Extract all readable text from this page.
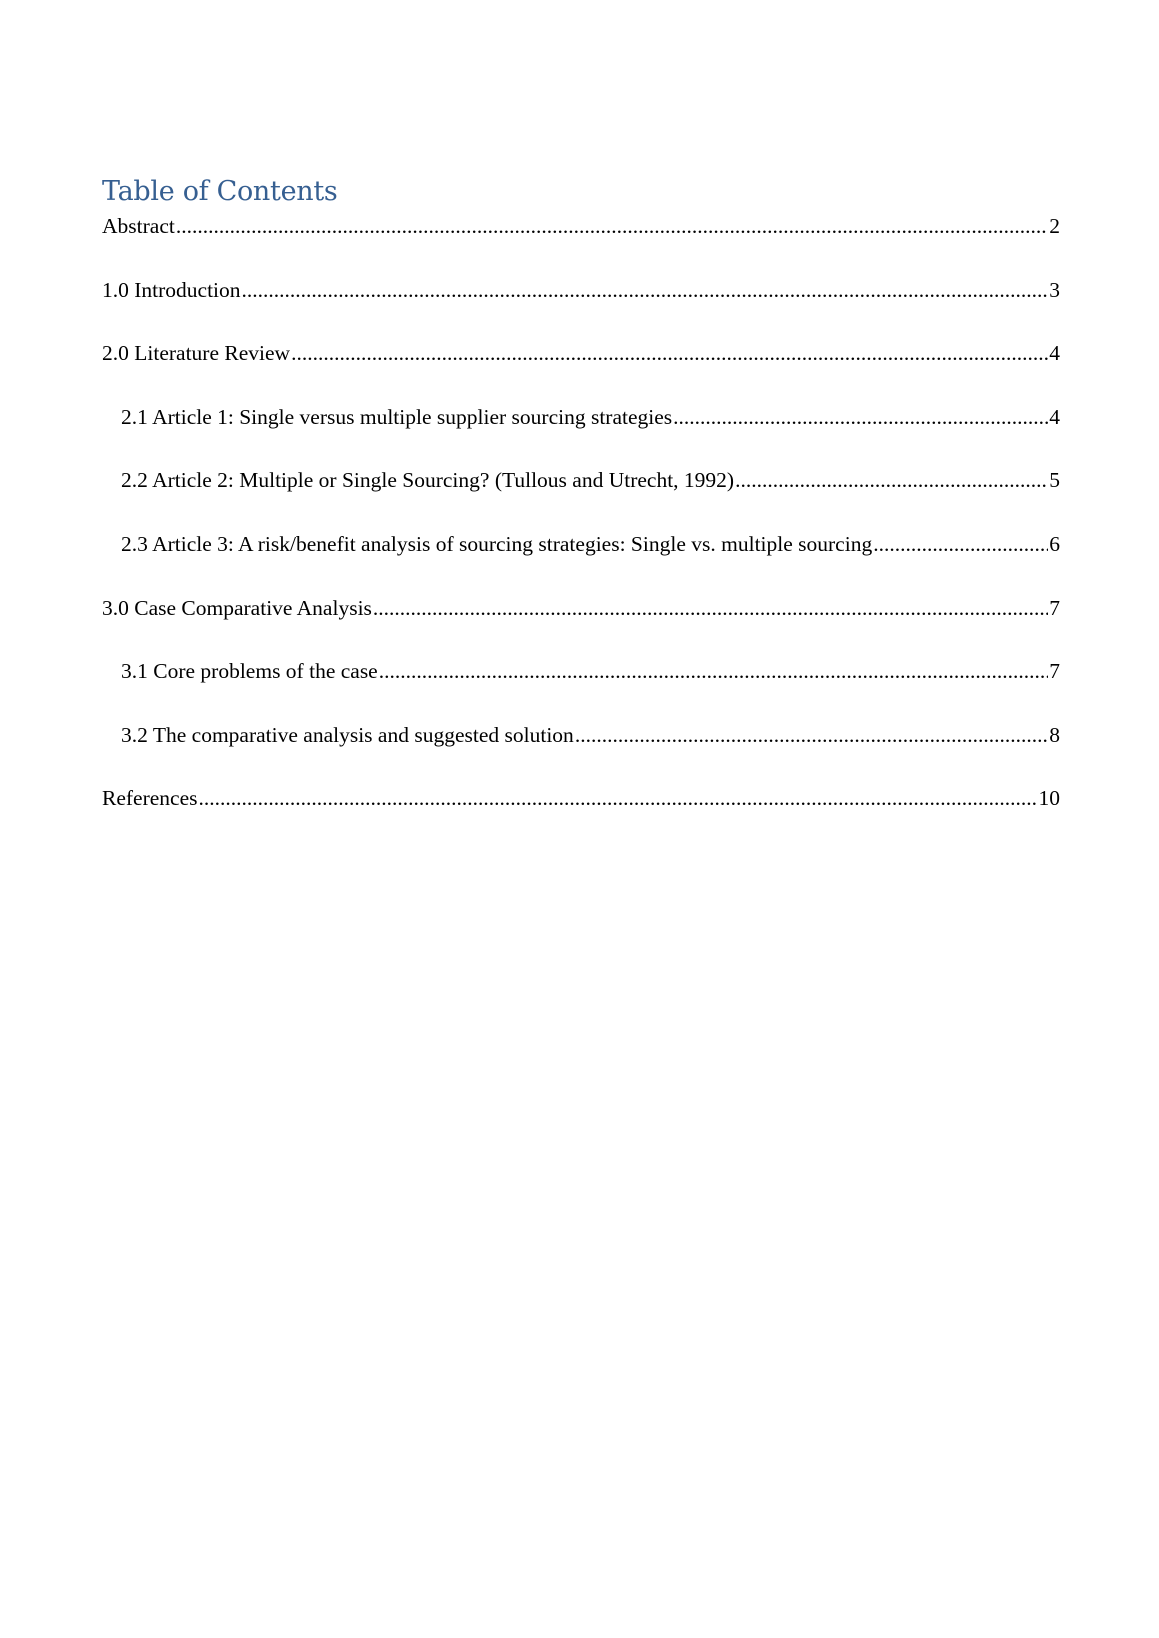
Table of Contents
Abstract .....	2
1.0 Introduction .....	3
2.0 Literature Review .....	4
2.1 Article 1: Single versus multiple supplier sourcing strategies .....	4
2.2 Article 2: Multiple or Single Sourcing? (Tullous and Utrecht, 1992) .....	5
2.3 Article 3: A risk/benefit analysis of sourcing strategies: Single vs. multiple sourcing .....	6
3.0 Case Comparative Analysis .....	7
3.1 Core problems of the case .....	7
3.2 The comparative analysis and suggested solution .....	8
References .....	10
